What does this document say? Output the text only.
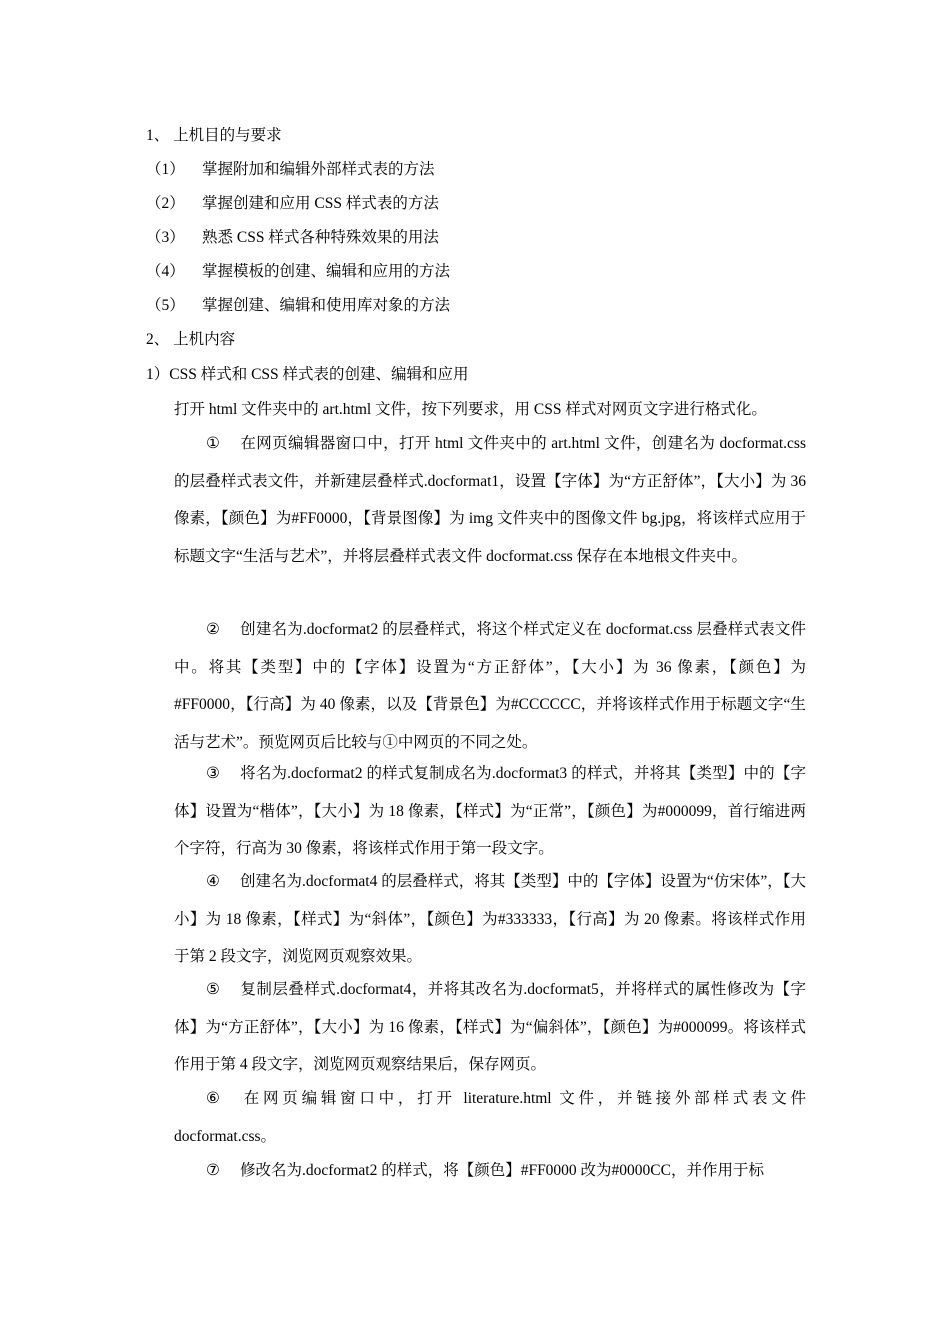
1、 上机目的与要求
（1） 掌握附加和编辑外部样式表的方法
（2） 掌握创建和应用 CSS 样式表的方法
（3） 熟悉 CSS 样式各种特殊效果的用法
（4） 掌握模板的创建、编辑和应用的方法
（5） 掌握创建、编辑和使用库对象的方法
2、 上机内容
1）CSS 样式和 CSS 样式表的创建、编辑和应用
打开 html 文件夹中的 art.html 文件，按下列要求，用 CSS 样式对网页文字进行格式化。
① 在网页编辑器窗口中，打开 html 文件夹中的 art.html 文件，创建名为 docformat.css 的层叠样式表文件，并新建层叠样式.docformat1，设置【字体】为“方正舒体”，【大小】为 36 像素，【颜色】为#FF0000，【背景图像】为 img 文件夹中的图像文件 bg.jpg，将该样式应用于标题文字“生活与艺术”，并将层叠样式表文件 docformat.css 保存在本地根文件夹中。
② 创建名为.docformat2 的层叠样式，将这个样式定义在 docformat.css 层叠样式表文件中。将其【类型】中的【字体】设置为“方正舒体”，【大小】为 36 像素，【颜色】为#FF0000，【行高】为 40 像素，以及【背景色】为#CCCCCC，并将该样式作用于标题文字“生活与艺术”。预览网页后比较与①中网页的不同之处。
③ 将名为.docformat2 的样式复制成名为.docformat3 的样式，并将其【类型】中的【字体】设置为“楷体”，【大小】为 18 像素，【样式】为“正常”，【颜色】为#000099，首行缩进两个字符，行高为 30 像素，将该样式作用于第一段文字。
④ 创建名为.docformat4 的层叠样式，将其【类型】中的【字体】设置为“仿宋体”，【大小】为 18 像素，【样式】为“斜体”，【颜色】为#333333，【行高】为 20 像素。将该样式作用于第 2 段文字，浏览网页观察效果。
⑤ 复制层叠样式.docformat4，并将其改名为.docformat5，并将样式的属性修改为【字体】为“方正舒体”，【大小】为 16 像素，【样式】为“偏斜体”，【颜色】为#000099。将该样式作用于第 4 段文字，浏览网页观察结果后，保存网页。
⑥ 在网页编辑窗口中，打开 literature.html 文件，并链接外部样式表文件 docformat.css。
⑦ 修改名为.docformat2 的样式，将【颜色】#FF0000 改为#0000CC，并作用于标
